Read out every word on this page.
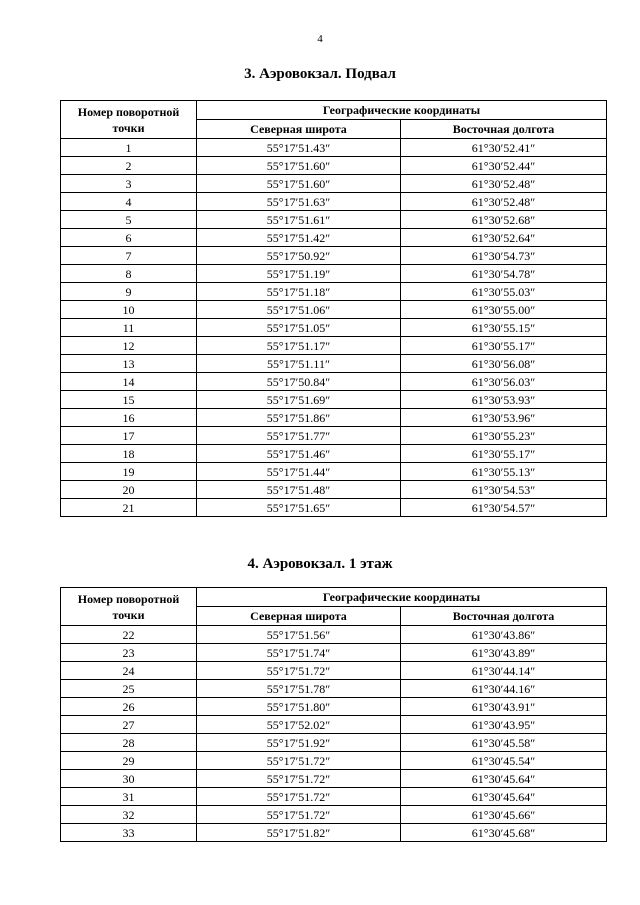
4
3. Аэровокзал. Подвал
Номер поворотной точки	Географические координаты	
	Северная широта	Восточная долгота
1	55°17′51.43″	61°30′52.41″
2	55°17′51.60″	61°30′52.44″
3	55°17′51.60″	61°30′52.48″
4	55°17′51.63″	61°30′52.48″
5	55°17′51.61″	61°30′52.68″
6	55°17′51.42″	61°30′52.64″
7	55°17′50.92″	61°30′54.73″
8	55°17′51.19″	61°30′54.78″
9	55°17′51.18″	61°30′55.03″
10	55°17′51.06″	61°30′55.00″
11	55°17′51.05″	61°30′55.15″
12	55°17′51.17″	61°30′55.17″
13	55°17′51.11″	61°30′56.08″
14	55°17′50.84″	61°30′56.03″
15	55°17′51.69″	61°30′53.93″
16	55°17′51.86″	61°30′53.96″
17	55°17′51.77″	61°30′55.23″
18	55°17′51.46″	61°30′55.17″
19	55°17′51.44″	61°30′55.13″
20	55°17′51.48″	61°30′54.53″
21	55°17′51.65″	61°30′54.57″
4. Аэровокзал. 1 этаж
Номер поворотной точки	Географические координаты	
	Северная широта	Восточная долгота
22	55°17′51.56″	61°30′43.86″
23	55°17′51.74″	61°30′43.89″
24	55°17′51.72″	61°30′44.14″
25	55°17′51.78″	61°30′44.16″
26	55°17′51.80″	61°30′43.91″
27	55°17′52.02″	61°30′43.95″
28	55°17′51.92″	61°30′45.58″
29	55°17′51.72″	61°30′45.54″
30	55°17′51.72″	61°30′45.64″
31	55°17′51.72″	61°30′45.64″
32	55°17′51.72″	61°30′45.66″
33	55°17′51.82″	61°30′45.68″
